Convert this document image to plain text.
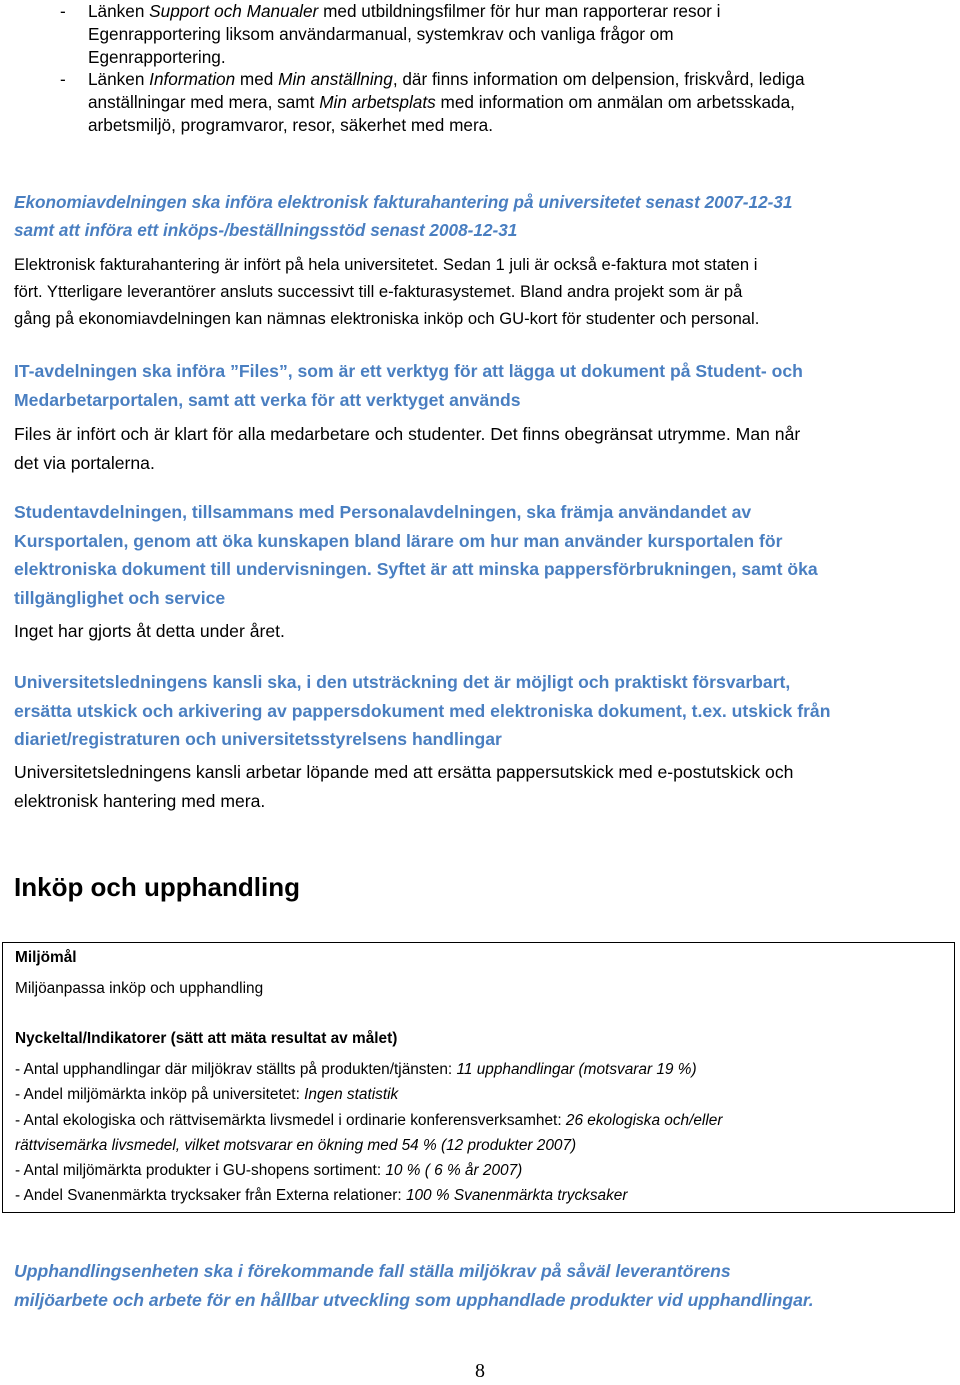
- Länken Support och Manualer med utbildningsfilmer för hur man rapporterar resor i
Egenrapportering liksom användarmanual, systemkrav och vanliga frågor om
Egenrapportering.
- Länken Information med Min anställning, där finns information om delpension, friskvård, lediga
anställningar med mera, samt Min arbetsplats med information om anmälan om arbetsskada,
arbetsmiljö, programvaror, resor, säkerhet med mera.
Ekonomiavdelningen ska införa elektronisk fakturahantering på universitetet senast 2007-12-31
samt att införa ett inköps-/beställningsstöd senast 2008-12-31
Elektronisk fakturahantering är infört på hela universitetet. Sedan 1 juli är också e-faktura mot staten i
fört. Ytterligare leverantörer ansluts successivt till e-fakturasystemet. Bland andra projekt som är på
gång på ekonomiavdelningen kan nämnas elektroniska inköp och GU-kort för studenter och personal.
IT-avdelningen ska införa ”Files”, som är ett verktyg för att lägga ut dokument på Student- och
Medarbetarportalen, samt att verka för att verktyget används
Files är infört och är klart för alla medarbetare och studenter. Det finns obegränsat utrymme. Man når
det via portalerna.
Studentavdelningen, tillsammans med Personalavdelningen, ska främja användandet av
Kursportalen, genom att öka kunskapen bland lärare om hur man använder kursportalen för
elektroniska dokument till undervisningen. Syftet är att minska pappersförbrukningen, samt öka
tillgänglighet och service
Inget har gjorts åt detta under året.
Universitetsledningens kansli ska, i den utsträckning det är möjligt och praktiskt försvarbart,
ersätta utskick och arkivering av pappersdokument med elektroniska dokument, t.ex. utskick från
diariet/registraturen och universitetsstyrelsens handlingar
Universitetsledningens kansli arbetar löpande med att ersätta pappersutskick med e-postutskick och
elektronisk hantering med mera.
Inköp och upphandling
Miljömål
Miljöanpassa inköp och upphandling
Nyckeltal/Indikatorer (sätt att mäta resultat av målet)
- Antal upphandlingar där miljökrav ställts på produkten/tjänsten: 11 upphandlingar (motsvarar 19 %)
- Andel miljömärkta inköp på universitetet: Ingen statistik
- Antal ekologiska och rättvisemärkta livsmedel i ordinarie konferensverksamhet: 26 ekologiska och/eller
rättvisemärka livsmedel, vilket motsvarar en ökning med 54 % (12 produkter 2007)
- Antal miljömärkta produkter i GU-shopens sortiment: 10 % ( 6 % år 2007)
- Andel Svanenmärkta trycksaker från Externa relationer: 100 % Svanenmärkta trycksaker
Upphandlingsenheten ska i förekommande fall ställa miljökrav på såväl leverantörens
miljöarbete och arbete för en hållbar utveckling som upphandlade produkter vid upphandlingar.
8
